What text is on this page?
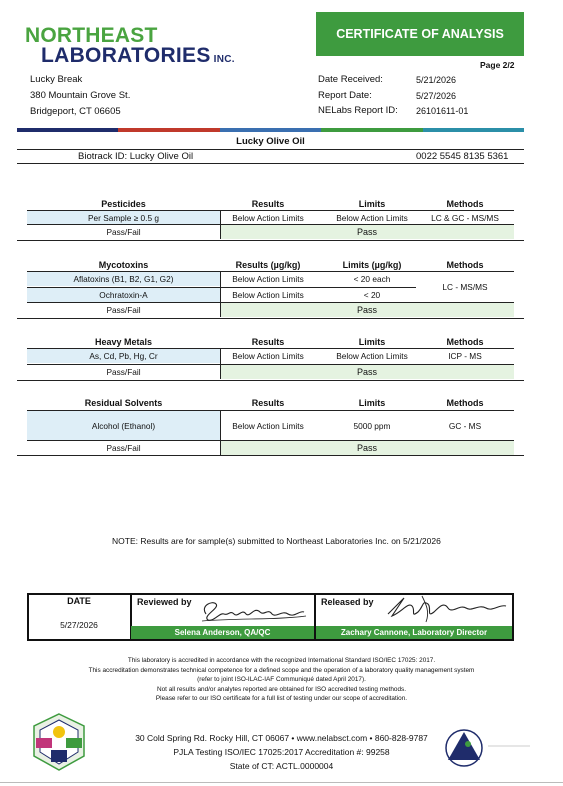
NORTHEAST
LABORATORIES INC.
CERTIFICATE OF ANALYSIS
Page 2/2
Lucky Break
380 Mountain Grove St.
Bridgeport, CT 06605
Date Received:	5/21/2026
Report Date:	5/27/2026
NELabs Report ID: 26101611-01
Lucky Olive Oil
Biotrack ID: Lucky Olive Oil	0022 5545 8135 5361
Pesticides	Results	Limits	Methods
Per Sample ≥ 0.5 g	Below Action Limits	Below Action Limits	LC & GC - MS/MS
Pass/Fail	Pass
Mycotoxins	Results (µg/kg)	Limits (µg/kg)	Methods
Aflatoxins (B1, B2, G1, G2)	Below Action Limits	< 20 each
Ochratoxin-A	Below Action Limits	< 20
LC - MS/MS
Pass/Fail	Pass
Heavy Metals	Results	Limits	Methods
As, Cd, Pb, Hg, Cr	Below Action Limits	Below Action Limits	ICP - MS
Pass/Fail	Pass
Residual Solvents	Results	Limits	Methods
Alcohol (Ethanol)	Below Action Limits	5000 ppm	GC - MS
Pass/Fail	Pass
NOTE: Results are for sample(s) submitted to Northeast Laboratories Inc. on 5/21/2026
DATE
5/27/2026
Reviewed by	Released by
Selena Anderson, QA/QC	Zachary Cannone, Laboratory Director
This laboratory is accredited in accordance with the recognized International Standard ISO/IEC 17025: 2017.
This accreditation demonstrates technical competence for a defined scope and the operation of a laboratory quality management system
(refer to joint ISO-ILAC-IAF Communiqué dated April 2017).
Not all results and/or analytes reported are obtained for ISO accredited testing methods.
Please refer to our ISO certificate for a full list of testing under our scope of accreditation.
30 Cold Spring Rd. Rocky Hill, CT 06067 • www.nelabsct.com • 860-828-9787
PJLA Testing ISO/IEC 17025:2017 Accreditation #: 99258
State of CT: ACTL.0000004
